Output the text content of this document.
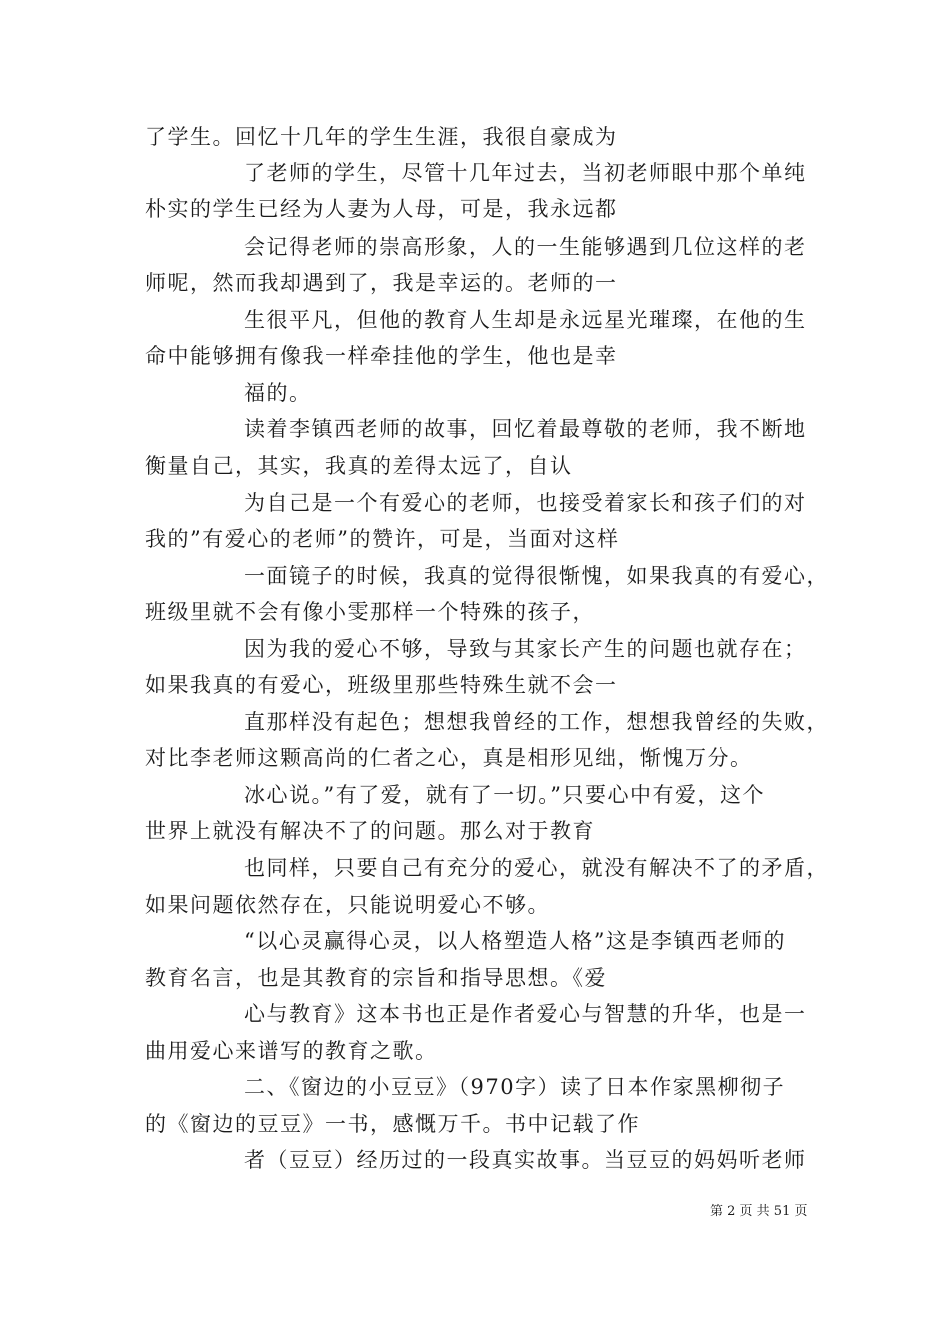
了学生。回忆十几年的学生生涯，我很自豪成为
了老师的学生，尽管十几年过去，当初老师眼中那个单纯
朴实的学生已经为人妻为人母，可是，我永远都
会记得老师的崇高形象，人的一生能够遇到几位这样的老
师呢，然而我却遇到了，我是幸运的。老师的一
生很平凡，但他的教育人生却是永远星光璀璨，在他的生
命中能够拥有像我一样牵挂他的学生，他也是幸
福的。
读着李镇西老师的故事，回忆着最尊敬的老师，我不断地
衡量自己，其实，我真的差得太远了，自认
为自己是一个有爱心的老师，也接受着家长和孩子们的对
我的”有爱心的老师”的赞许，可是，当面对这样
一面镜子的时候，我真的觉得很惭愧，如果我真的有爱心，
班级里就不会有像小雯那样一个特殊的孩子，
因为我的爱心不够，导致与其家长产生的问题也就存在；
如果我真的有爱心，班级里那些特殊生就不会一
直那样没有起色；想想我曾经的工作，想想我曾经的失败，
对比李老师这颗高尚的仁者之心，真是相形见绌，惭愧万分。
冰心说。”有了爱，就有了一切。”只要心中有爱，这个
世界上就没有解决不了的问题。那么对于教育
也同样，只要自己有充分的爱心，就没有解决不了的矛盾，
如果问题依然存在，只能说明爱心不够。
“以心灵赢得心灵，以人格塑造人格”这是李镇西老师的
教育名言，也是其教育的宗旨和指导思想。《爱
心与教育》这本书也正是作者爱心与智慧的升华，也是一
曲用爱心来谱写的教育之歌。
二、《窗边的小豆豆》（970字）读了日本作家黑柳彻子
的《窗边的豆豆》一书，感慨万千。书中记载了作
者（豆豆）经历过的一段真实故事。当豆豆的妈妈听老师
第 2 页 共 51 页
